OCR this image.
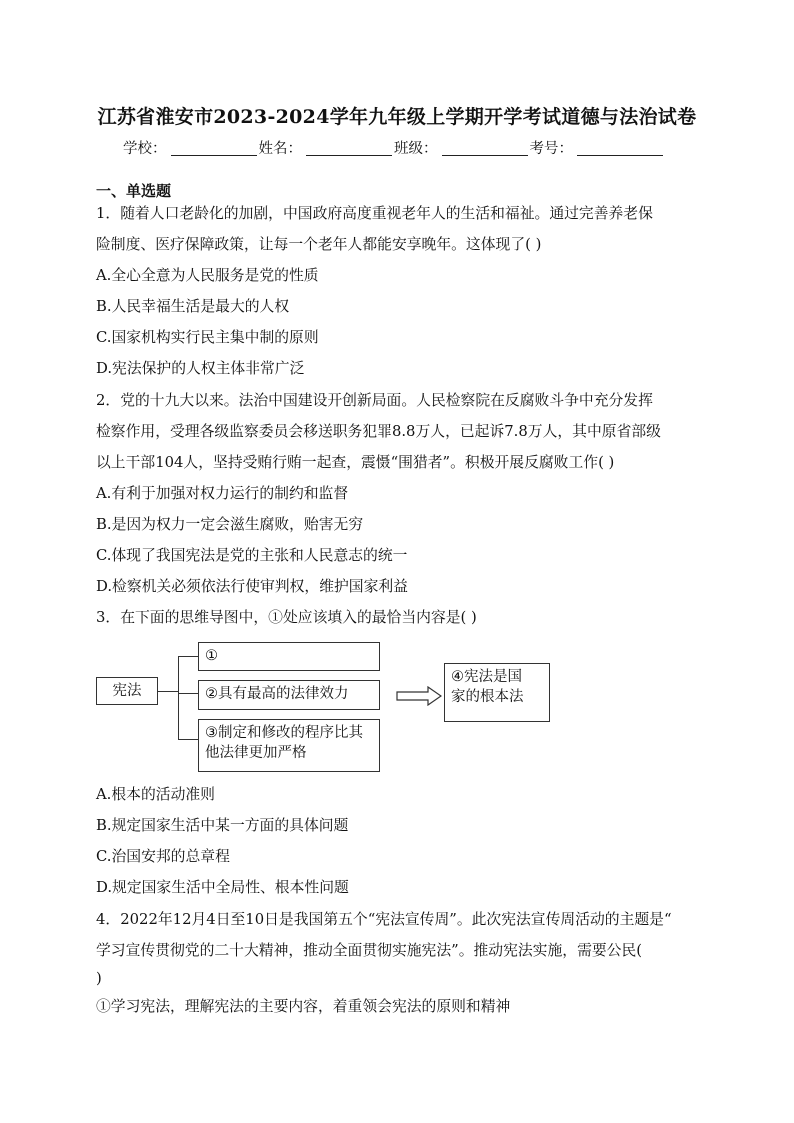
江苏省淮安市2023-2024学年九年级上学期开学考试道德与法治试卷
学校：	姓名：	班级：	考号：
一、单选题
1．随着人口老龄化的加剧，中国政府高度重视老年人的生活和福祉。通过完善养老保
险制度、医疗保障政策，让每一个老年人都能安享晚年。这体现了( )
A.全心全意为人民服务是党的性质
B.人民幸福生活是最大的人权
C.国家机构实行民主集中制的原则
D.宪法保护的人权主体非常广泛
2．党的十九大以来。法治中国建设开创新局面。人民检察院在反腐败斗争中充分发挥
检察作用，受理各级监察委员会移送职务犯罪8.8万人，已起诉7.8万人，其中原省部级
以上干部104人，坚持受贿行贿一起查，震慑“围猎者”。积极开展反腐败工作( )
A.有利于加强对权力运行的制约和监督
B.是因为权力一定会滋生腐败，贻害无穷
C.体现了我国宪法是党的主张和人民意志的统一
D.检察机关必须依法行使审判权，维护国家利益
3．在下面的思维导图中，①处应该填入的最恰当内容是( )
宪法
①
②具有最高的法律效力
③制定和修改的程序比其
他法律更加严格
④宪法是国
家的根本法
A.根本的活动准则
B.规定国家生活中某一方面的具体问题
C.治国安邦的总章程
D.规定国家生活中全局性、根本性问题
4．2022年12月4日至10日是我国第五个“宪法宣传周”。此次宪法宣传周活动的主题是“
学习宣传贯彻党的二十大精神，推动全面贯彻实施宪法”。推动宪法实施，需要公民(
)
①学习宪法，理解宪法的主要内容，着重领会宪法的原则和精神
